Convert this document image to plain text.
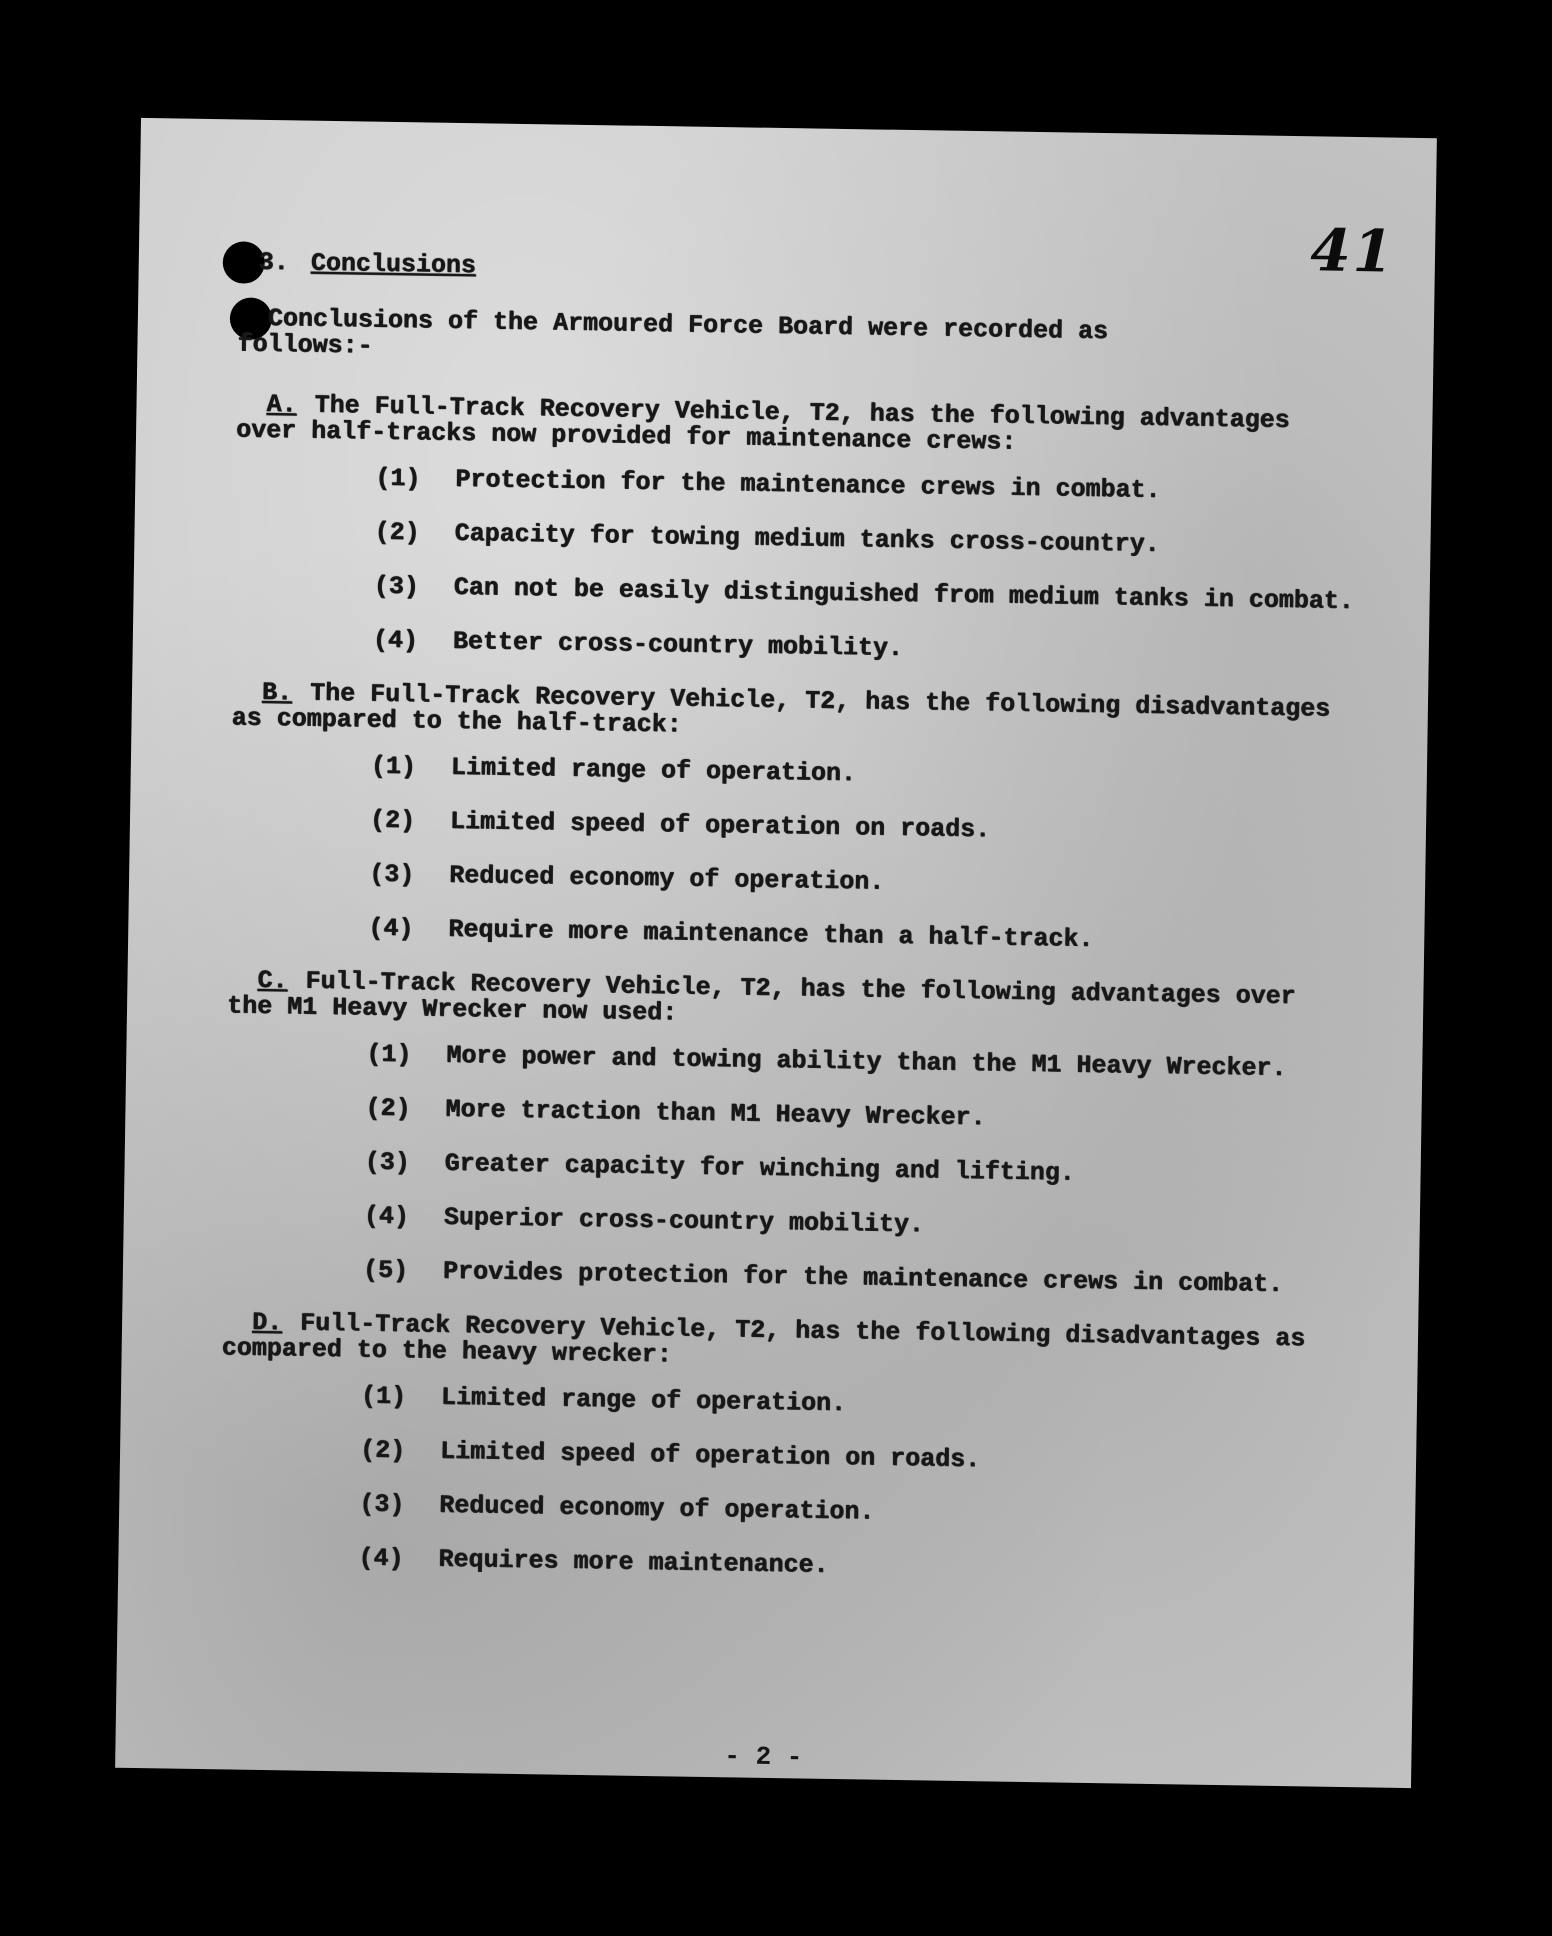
41
3. Conclusions
Conclusions of the Armoured Force Board were recorded as follows:-
A. The Full-Track Recovery Vehicle, T2, has the following advantages over half-tracks now provided for maintenance crews:
(1)	Protection for the maintenance crews in combat.
(2)	Capacity for towing medium tanks cross-country.
(3)	Can not be easily distinguished from medium tanks in combat.
(4)	Better cross-country mobility.
B. The Full-Track Recovery Vehicle, T2, has the following disadvantages as compared to the half-track:
(1)	Limited range of operation.
(2)	Limited speed of operation on roads.
(3)	Reduced economy of operation.
(4)	Require more maintenance than a half-track.
C. Full-Track Recovery Vehicle, T2, has the following advantages over the M1 Heavy Wrecker now used:
(1)	More power and towing ability than the M1 Heavy Wrecker.
(2)	More traction than M1 Heavy Wrecker.
(3)	Greater capacity for winching and lifting.
(4)	Superior cross-country mobility.
(5)	Provides protection for the maintenance crews in combat.
D. Full-Track Recovery Vehicle, T2, has the following disadvantages as compared to the heavy wrecker:
(1)	Limited range of operation.
(2)	Limited speed of operation on roads.
(3)	Reduced economy of operation.
(4)	Requires more maintenance.
- 2 -
